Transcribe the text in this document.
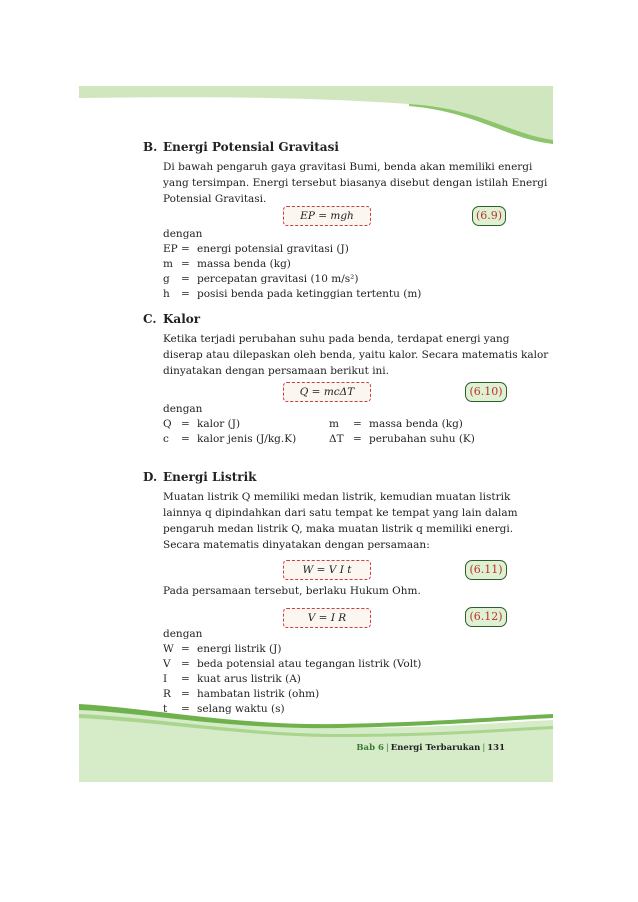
B. Energi Potensial Gravitasi
Di bawah pengaruh gaya gravitasi Bumi, benda akan memiliki energi
yang tersimpan. Energi tersebut biasanya disebut dengan istilah Energi
Potensial Gravitasi.
EP = mgh	(6.9)
dengan
EP = energi potensial gravitasi (J)
m = massa benda (kg)
g = percepatan gravitasi (10 m/s²)
h = posisi benda pada ketinggian tertentu (m)
C. Kalor
Ketika terjadi perubahan suhu pada benda, terdapat energi yang
diserap atau dilepaskan oleh benda, yaitu kalor. Secara matematis kalor
dinyatakan dengan persamaan berikut ini.
Q = mcΔT	(6.10)
dengan
Q = kalor (J)
c = kalor jenis (J/kg.K)
m = massa benda (kg)
ΔT = perubahan suhu (K)
D. Energi Listrik
Muatan listrik Q memiliki medan listrik, kemudian muatan listrik
lainnya q dipindahkan dari satu tempat ke tempat yang lain dalam
pengaruh medan listrik Q, maka muatan listrik q memiliki energi.
Secara matematis dinyatakan dengan persamaan:
W = V I t	(6.11)
Pada persamaan tersebut, berlaku Hukum Ohm.
V = I R	(6.12)
dengan
W = energi listrik (J)
V = beda potensial atau tegangan listrik (Volt)
I = kuat arus listrik (A)
R = hambatan listrik (ohm)
t = selang waktu (s)
Bab 6 | Energi Terbarukan | 131
